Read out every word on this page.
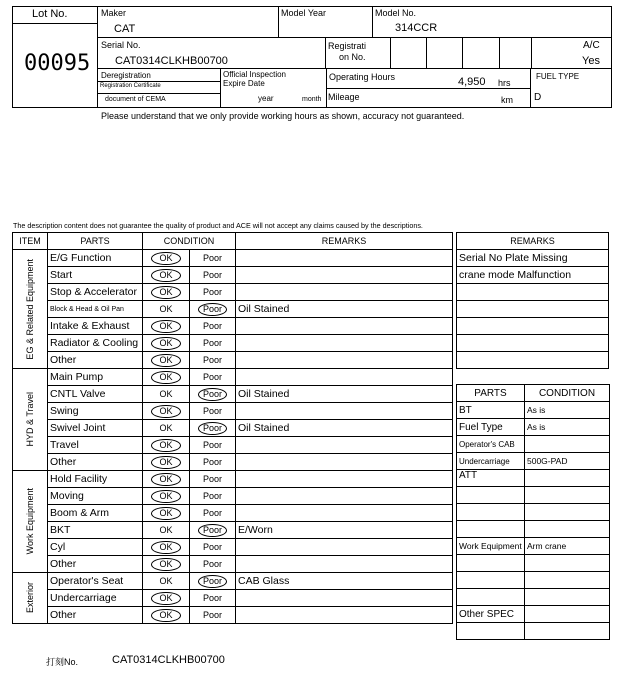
Lot No.
00095
Maker
CAT
Model Year	Model No.
314CCR
Serial No.
CAT0314CLKHB00700
Registrati
on No.
A/C
Yes
Deregistration
Registration Certificate
document of CEMA
Official Inspection
Expire Date
year	month
Operating Hours	4,950 hrs
Mileage	km
FUEL TYPE
D
Please understand that we only provide working hours as shown, accuracy not guaranteed.
The description content does not guarantee the quality of product and ACE will not accept any claims caused by the descriptions.
ITEM	PARTS	CONDITION		REMARKS

EG & Related Equipment	E/G Function	OK	Poor	
	Start	OK	Poor	
	Stop & Accelerator	OK	Poor	
	Block & Head & Oil Pan	OK	Poor	Oil Stained
	Intake & Exhaust	OK	Poor	
	Radiator & Cooling	OK	Poor	
	Other	OK	Poor	

HYD & Travel	Main Pump	OK	Poor	
	CNTL Valve	OK	Poor	Oil Stained
	Swing	OK	Poor	
	Swivel Joint	OK	Poor	Oil Stained
	Travel	OK	Poor	
	Other	OK	Poor	

Work Equipment	Hold Facility	OK	Poor	
	Moving	OK	Poor	
	Boom & Arm	OK	Poor	
	BKT	OK	Poor	E/Worn
	Cyl	OK	Poor	
	Other	OK	Poor	

Exterior	Operator's Seat	OK	Poor	CAB Glass
	Undercarriage	OK	Poor	
	Other	OK	Poor	
REMARKS
Serial No Plate Missing
crane mode Malfunction

PARTS	CONDITION
BT	As is
Fuel Type	As is
Operator's CAB	
Undercarriage	500G-PAD
ATT	

Work Equipment	Arm crane

Other SPEC	

打刻No.	CAT0314CLKHB00700
